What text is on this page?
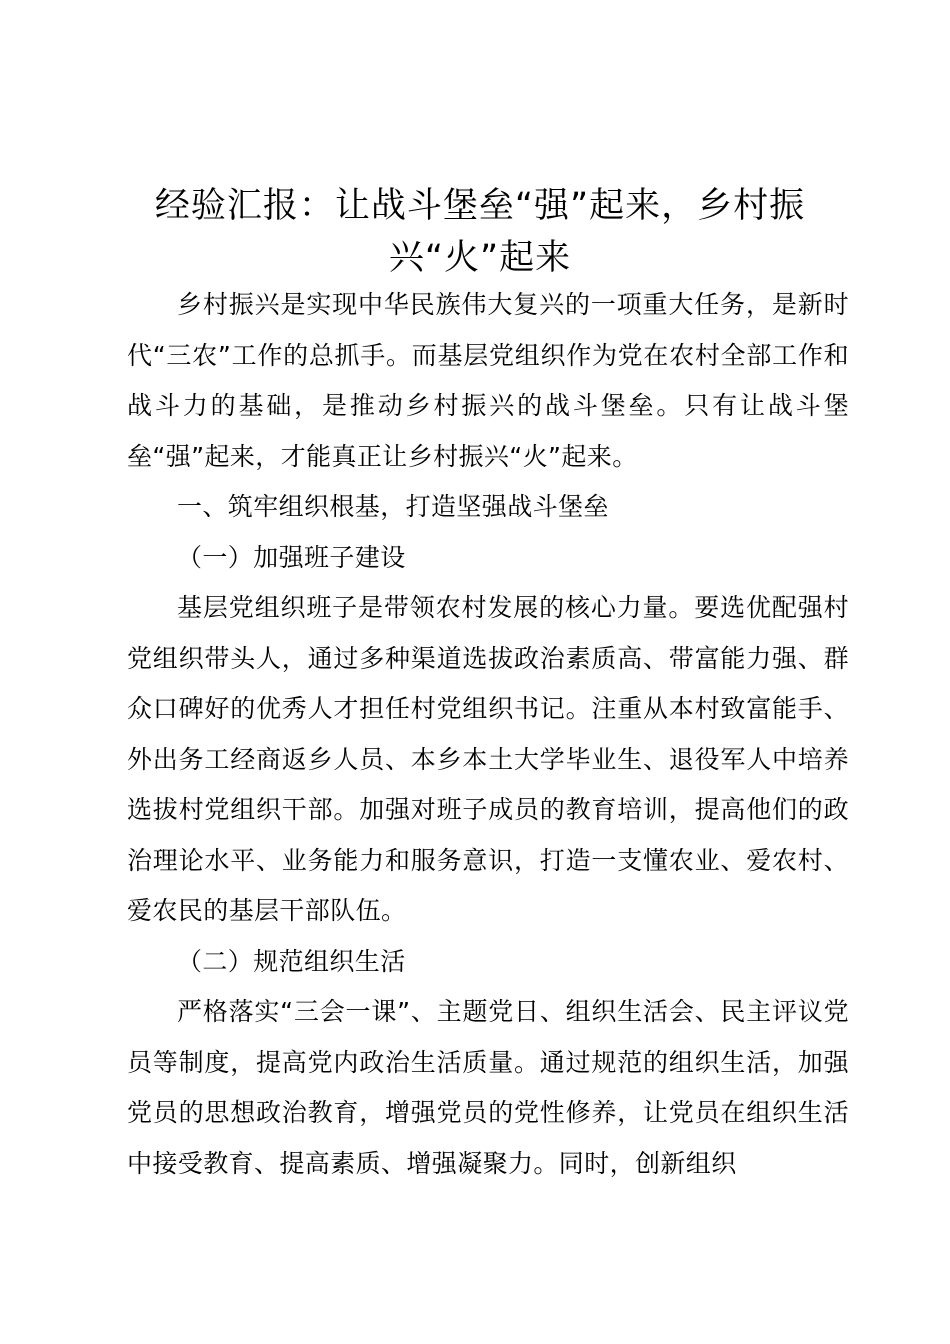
经验汇报：让战斗堡垒“强”起来，乡村振兴“火”起来

乡村振兴是实现中华民族伟大复兴的一项重大任务，是新时代“三农”工作的总抓手。而基层党组织作为党在农村全部工作和战斗力的基础，是推动乡村振兴的战斗堡垒。只有让战斗堡垒“强”起来，才能真正让乡村振兴“火”起来。

一、筑牢组织根基，打造坚强战斗堡垒

（一）加强班子建设

基层党组织班子是带领农村发展的核心力量。要选优配强村党组织带头人，通过多种渠道选拔政治素质高、带富能力强、群众口碑好的优秀人才担任村党组织书记。注重从本村致富能手、外出务工经商返乡人员、本乡本土大学毕业生、退役军人中培养选拔村党组织干部。加强对班子成员的教育培训，提高他们的政治理论水平、业务能力和服务意识，打造一支懂农业、爱农村、爱农民的基层干部队伍。

（二）规范组织生活

严格落实“三会一课”、主题党日、组织生活会、民主评议党员等制度，提高党内政治生活质量。通过规范的组织生活，加强党员的思想政治教育，增强党员的党性修养，让党员在组织生活中接受教育、提高素质、增强凝聚力。同时，创新组织
